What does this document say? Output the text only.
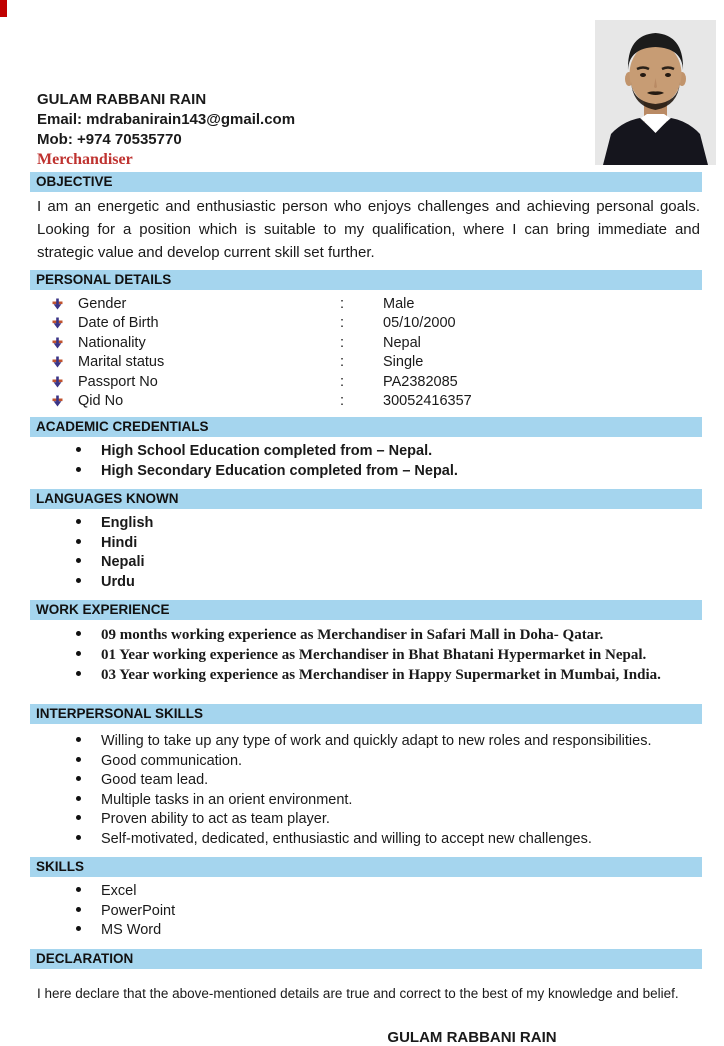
GULAM RABBANI RAIN
Email: mdrabanirain143@gmail.com
Mob: +974 70535770
Merchandiser
OBJECTIVE
I am an energetic and enthusiastic person who enjoys challenges and achieving personal goals. Looking for a position which is suitable to my qualification, where I can bring immediate and strategic value and develop current skill set further.
PERSONAL DETAILS
Gender	:	Male
Date of Birth	:	05/10/2000
Nationality	:	Nepal
Marital status	:	Single
Passport No	:	PA2382085
Qid No	:	30052416357
ACADEMIC CREDENTIALS
High School Education completed from – Nepal.
High Secondary Education completed from – Nepal.
LANGUAGES KNOWN
English
Hindi
Nepali
Urdu
WORK EXPERIENCE
09 months working experience as Merchandiser in Safari Mall in Doha- Qatar.
01 Year working experience as Merchandiser in Bhat Bhatani Hypermarket in Nepal.
03 Year working experience as Merchandiser in Happy Supermarket in Mumbai, India.
INTERPERSONAL SKILLS
Willing to take up any type of work and quickly adapt to new roles and responsibilities.
Good communication.
Good team lead.
Multiple tasks in an orient environment.
Proven ability to act as team player.
Self-motivated, dedicated, enthusiastic and willing to accept new challenges.
SKILLS
Excel
PowerPoint
MS Word
DECLARATION
I here declare that the above-mentioned details are true and correct to the best of my knowledge and belief.
GULAM RABBANI RAIN
